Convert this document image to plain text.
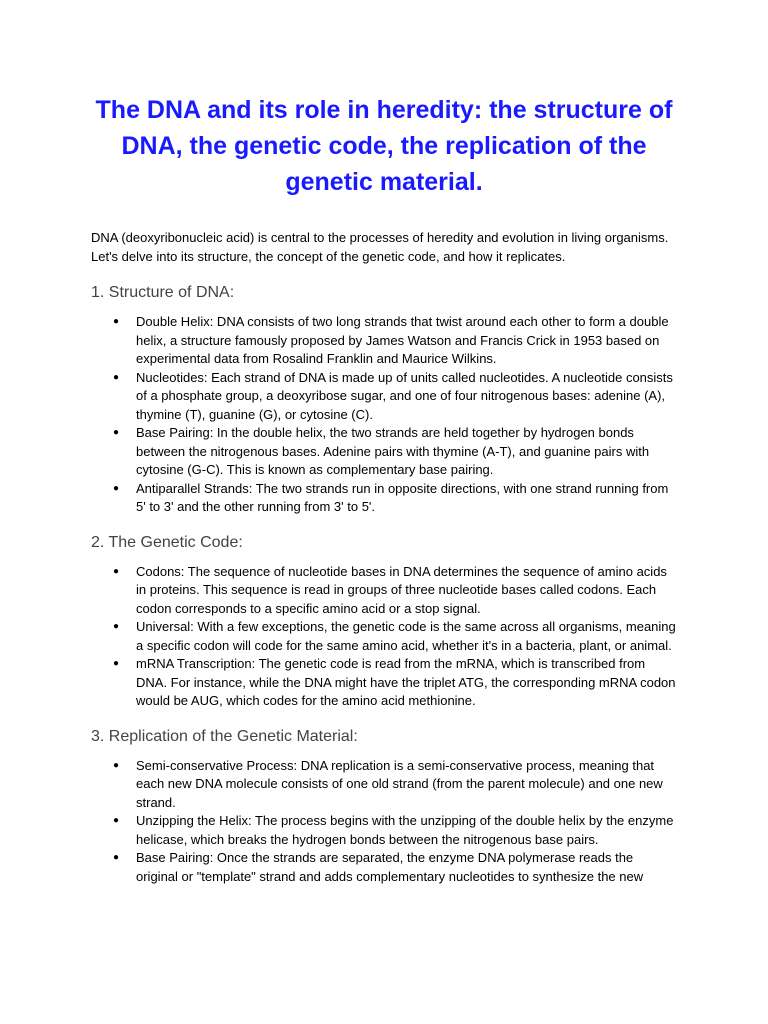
The DNA and its role in heredity: the structure of DNA, the genetic code, the replication of the genetic material.

DNA (deoxyribonucleic acid) is central to the processes of heredity and evolution in living organisms. Let's delve into its structure, the concept of the genetic code, and how it replicates.

1. Structure of DNA:
● Double Helix: DNA consists of two long strands that twist around each other to form a double helix, a structure famously proposed by James Watson and Francis Crick in 1953 based on experimental data from Rosalind Franklin and Maurice Wilkins.
● Nucleotides: Each strand of DNA is made up of units called nucleotides. A nucleotide consists of a phosphate group, a deoxyribose sugar, and one of four nitrogenous bases: adenine (A), thymine (T), guanine (G), or cytosine (C).
● Base Pairing: In the double helix, the two strands are held together by hydrogen bonds between the nitrogenous bases. Adenine pairs with thymine (A-T), and guanine pairs with cytosine (G-C). This is known as complementary base pairing.
● Antiparallel Strands: The two strands run in opposite directions, with one strand running from 5' to 3' and the other running from 3' to 5'.
2. The Genetic Code:
● Codons: The sequence of nucleotide bases in DNA determines the sequence of amino acids in proteins. This sequence is read in groups of three nucleotide bases called codons. Each codon corresponds to a specific amino acid or a stop signal.
● Universal: With a few exceptions, the genetic code is the same across all organisms, meaning a specific codon will code for the same amino acid, whether it's in a bacteria, plant, or animal.
● mRNA Transcription: The genetic code is read from the mRNA, which is transcribed from DNA. For instance, while the DNA might have the triplet ATG, the corresponding mRNA codon would be AUG, which codes for the amino acid methionine.
3. Replication of the Genetic Material:
● Semi-conservative Process: DNA replication is a semi-conservative process, meaning that each new DNA molecule consists of one old strand (from the parent molecule) and one new strand.
● Unzipping the Helix: The process begins with the unzipping of the double helix by the enzyme helicase, which breaks the hydrogen bonds between the nitrogenous base pairs.
● Base Pairing: Once the strands are separated, the enzyme DNA polymerase reads the original or "template" strand and adds complementary nucleotides to synthesize the new
